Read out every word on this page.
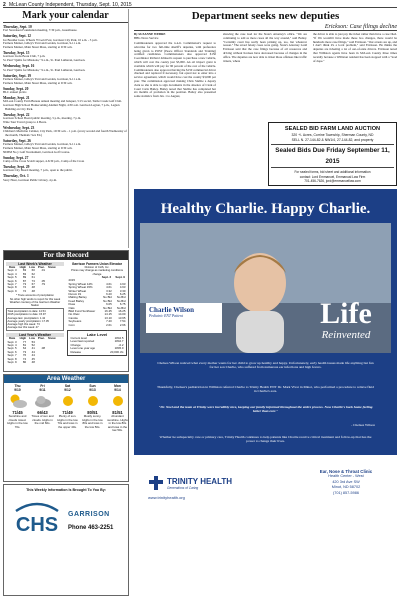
2 McLean County Independent, Thursday, Sept. 10, 2015
Mark your calendar
Thursday, Sept. 10
Fort Stevenson Foundation meeting, 7:30 p.m., Guesthouse.
Saturday, Sept. 12
Ice Boulder Gass, Wheels 'N Gold Fest, Garrison City Park, 10 a.m. - 3 p.m.
Farmers Market, Gilley's Yard and Garden, Garrison, 9-11 a.m.
Farmers Market, Main Street Mass, starting at 9:30 a.m.
Tuesday, Sept. 15
Garrison Lions Book Club, 7 p.m.
St. Paul "Quilts for Missions," 9 a.m., St. Paul Lutheran, Garrison.
Wednesday, Sept. 16
St. Paul "Quilts for Missions," 9 a.m., St. Paul Lutheran, Garrison.
Saturday, Sept. 19
Farmers Market, Gilley's Yard and Garden, Garrison, 9-11 a.m.
Farmers Market, Main Street Mass, starting at 9:30 a.m.
Sunday, Sept. 20
BLC annual picnic.
Monday, Sept. 21
McLean County Farm Bureau annual meeting and banquet, 5:15 social, Turtle Creek Golf Club.
Garrison High School Homecoming Alumni Night, 4:30 a.m. Garrison Legion, 7 p.m., Legion Building on City Park.
Tuesday, Sept. 22
Garrison School Board public meeting, 5 p.m., meeting, 7 p.m.
Wine Tour Travel group to 4 Bears.
Wednesday, Sept. 23
Children's Medicine Cabinet, City Park, 10:30 a.m. - 1 p.m. (every second and fourth Wednesday of the month, Thematic Sex Ed.)
Saturday, Sept. 26
Farmers Market, Gilley's Yard and Garden, Garrison, 9-11 a.m.
Farmers Market, Main Street Mass, starting at 9:30 a.m.
NDPM No y Golf Tournament, Garrison Golf Course.
Sunday, Sept. 27
Camp of the Cross Scoldt supper, 4-6:30 p.m., Camp of the Cross
Tuesday, Sept. 29
Garrison City Board meeting, 7 p.m., open to the public.
Thursday, Oct. 1
Story Hour, Garrison Public Library, 4 p.m.
For the Record
Last Week's Weather
Date	High	Low	Prec.	Snow
Sept. 3	83	60	.01	
Sept. 4	83	62		
Sept. 5	89	61		
Sept. 6	87	73	.05	
Sept. 7	73	67	.79	
Sept. 8	72	48		
Sept. 9	72	48		
* Trace amounts of precipitation
No other high winds to report for this week
Weather courtesy of the Garrison Weather Station
Total precipitation to date: 14.54
2015 precipitation to date: 15.97
Average last: precipitation: 1.42
Average yearly precipitation: 17.05
Average high this week: 73
Average low this week: 47
Last Year's Weather
Date	High	Low	Prec.	Snow
Sept. 3	77	53		
Sept. 4	81	52		
Sept. 5	64	41	.08	
Sept. 6	73	44		
Sept. 7	76	44		
Sept. 8	74	45		
Sept. 9	80	48		
Garrison Farmers Union Elevator
Division of CHS, Inc.
Prices may change as marketing conditions change
	Sept. 2	Sept. 9
2015		
Spring Wheat 14%	4.61	4.63
Spring Wheat 15%	4.61	4.63
Winter Wheat	3.32	3.30
Durum #1	6.20	6.25
Malting Barley	No Bid	No Bid
Feed Barley	No Bid	No Bid
Peas	6.05	6.75
Oats	No Bid	No Bid
Blkd Fund Sunflower	16.25	16.25
No Oleic	14.15	14.00
Canola	13.10	13.65
Soybeans	7.40	7.54
Corn	2.61	2.66
Lake Level
Current level	1842.5
Level last reported	1842.7
Change	-0.2
Level one year ago	1845.0
Release	20,000 cfs
Area Weather
Thu
9/10
71/45
Sunshine and clouds mixed. Highs in the low 70s.
Fri
9/11
66/43
Times of sun and clouds. Highs in the mid 60s.
Sat
9/12
71/49
Plenty of sun. Highs in the low 70s and lows in the upper 40s.
Sun
9/13
80/51
Mostly sunny. Highs in the low 80s and lows in the low 50s.
Mon
9/14
81/51
Abundant sunshine. Highs in the low 80s and lows in the low 50s.
This Weekly Information Is Brought To You By:
CHS GARRISON
Phone 463-2251
Department seeks new deputies
Erickson: Case filings decline
By SUZANNE WEBRE
BHG News Service
Commissioners approved the n-n-h. Commission's request to advertise for two full-time sheriff's deputies, with preference being given to POST (Peace Officer Standards and Training) certified candidates. Commissioners also approved $150 Coordinator Richard Johnson's request to purchase a new vehicle, which will cost the county just $3,000. An oil impact grant is available which will pay for 90 percent of the cost of the vehicle. Commissioners also approved having the $150 commercial driver checked and replaced if necessary, but opted not to enter into a service agreement, which would have cost the county $3,000 per year. The commission approved making Chris Stubbe a deputy clerk so she is able to sign documents in the absence of Clerk of Court Carla Bailey. Bailey noted that Stubbe has completed her six months of probation in the position. Bailey also presented some statistics from Jan. 1 to August,
showing the case load for the State's Attorney's office. "We are continuing to add as more cases all the way around," said Bailey. "Certainly court has really been picking up, too, but whatever reason." The saved felony cases were going. State's Attorney Ladd Erickson said that the case filings because of oil resources and driving without licenses have decreased because of changes in the office. The deputies are now able to ticket those offenses like traffic tickets, where
the driver is able to just pay the ticket rather than have a case filed. "If I'm wouldn't have made these two changes, there would be hundreds more case filings," said Erickson. "Our arrests are up, and I don't think it's a local problem," said Erickson. He thinks the deputies are ticketing a lot of out-of-state drivers. Erickson noted that Williston agents have been in McLean County three times recently because a Williston resident has been stopped with a "load of dope."
SEALED BID FARM LAND AUCTION
320 +/- Acres, Corrine Township, Sherman County, ND
SELL N. 27-144-82 & NW1/4, 27-144-82, and property
Sealed Bids Due Friday September 11, 2015
For sealed forms, bid sheet and additional information
contact: Lord Emmanuel, Emmanual Law Firm
701-456-7626, jord@emmanuellaw.com
Healthy Charlie. Happy Charlie.
Charlie Wilson
Pediatric ENT Patient	Life
Reinvented
Chelsea Wilson noticed what every mother wants for her child to grow up healthy and happy. Unfortunately, early health issues made life anything but fun for her son Charlie, who suffered from numerous ear infections and high fevers.
Thankfully, Chelsea's pediatrician in Williston referred Charlie to Trinity Health ENT Dr. Mark Vivar in Minot, who performed a procedure to relieve fluid in Charlie's ears.
"Dr. Noel and the team at Trinity were incredibly nice, keeping our family informed throughout the entire process. Now Charlie's back home feeling better than ever."
- Chelsea Wilson
Whether he subspecialty care or primary care, Trinity Health continues to help patients like Charlie receive critical treatment and follow-up that has the power to change their lives.
TRINITY HEALTH
Generations of Caring
www.trinityhealth.org
Ear, Nose & Throat Clinic
Health Center - West
420 3rd Ave SW
Minot, ND 58702
(701) 857-5986
